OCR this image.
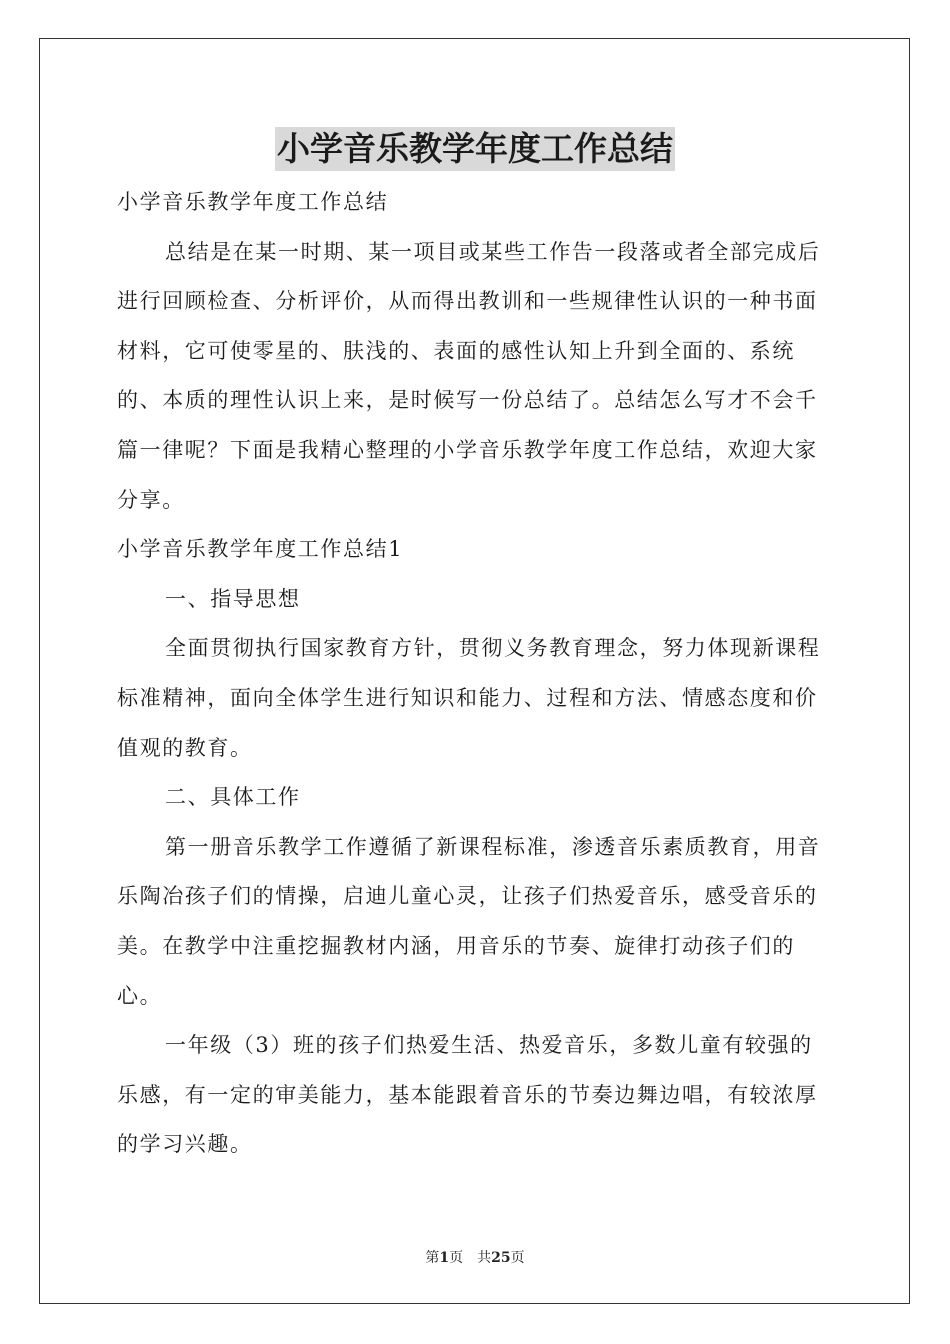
小学音乐教学年度工作总结

小学音乐教学年度工作总结

总结是在某一时期、某一项目或某些工作告一段落或者全部完成后进行回顾检查、分析评价，从而得出教训和一些规律性认识的一种书面材料，它可使零星的、肤浅的、表面的感性认知上升到全面的、系统的、本质的理性认识上来，是时候写一份总结了。总结怎么写才不会千篇一律呢？下面是我精心整理的小学音乐教学年度工作总结，欢迎大家分享。

小学音乐教学年度工作总结1

一、指导思想

全面贯彻执行国家教育方针，贯彻义务教育理念，努力体现新课程标准精神，面向全体学生进行知识和能力、过程和方法、情感态度和价值观的教育。

二、具体工作

第一册音乐教学工作遵循了新课程标准，渗透音乐素质教育，用音乐陶冶孩子们的情操，启迪儿童心灵，让孩子们热爱音乐，感受音乐的美。在教学中注重挖掘教材内涵，用音乐的节奏、旋律打动孩子们的心。

一年级（3）班的孩子们热爱生活、热爱音乐，多数儿童有较强的乐感，有一定的审美能力，基本能跟着音乐的节奏边舞边唱，有较浓厚的学习兴趣。

第1页 共25页
